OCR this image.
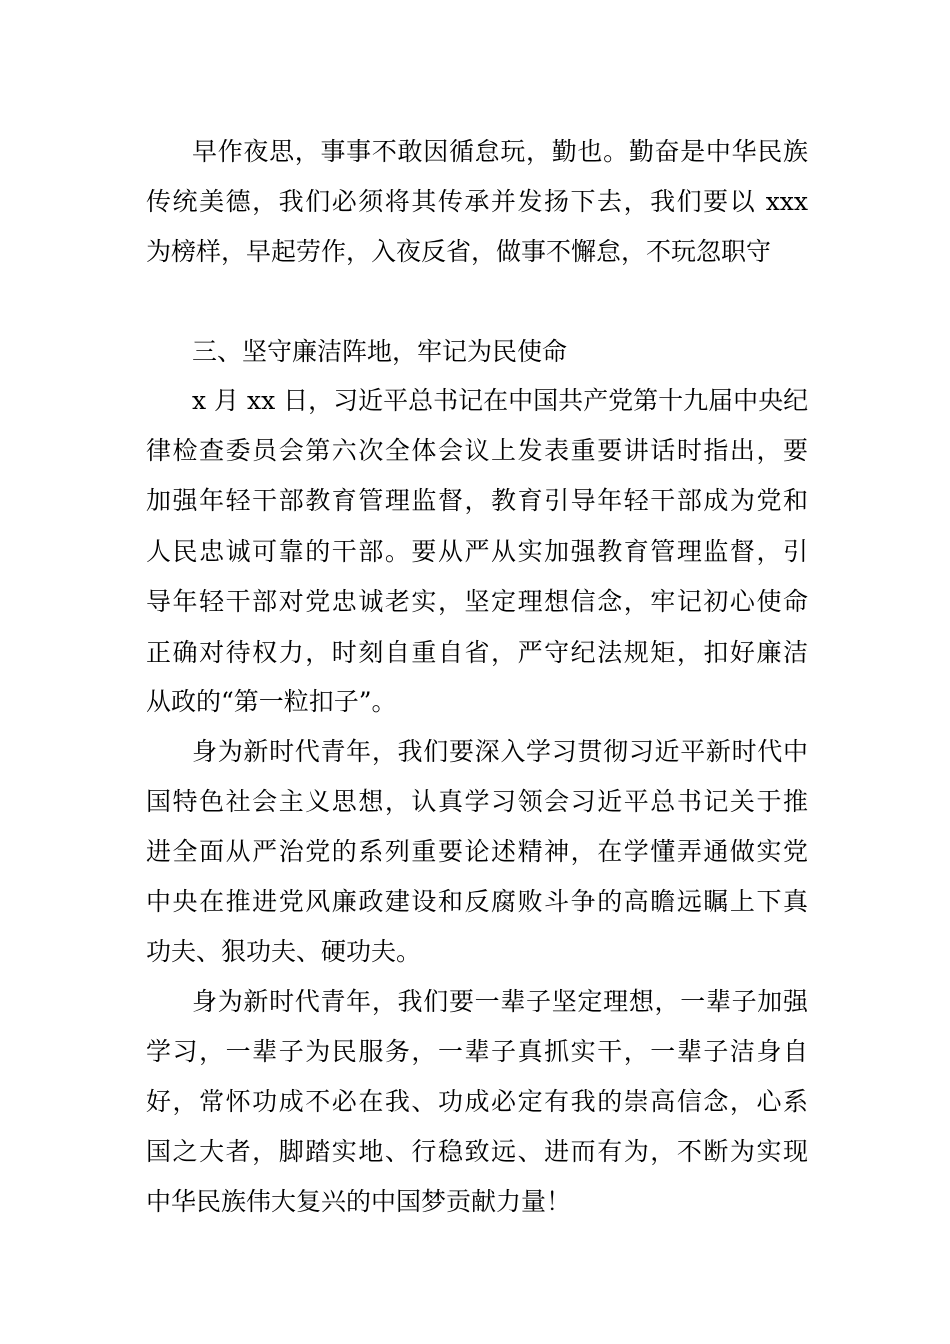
早作夜思，事事不敢因循怠玩，勤也。勤奋是中华民族
传统美德，我们必须将其传承并发扬下去，我们要以 xxx
为榜样，早起劳作，入夜反省，做事不懈怠，不玩忽职守
三、坚守廉洁阵地，牢记为民使命
x 月 xx 日，习近平总书记在中国共产党第十九届中央纪
律检查委员会第六次全体会议上发表重要讲话时指出，要
加强年轻干部教育管理监督，教育引导年轻干部成为党和
人民忠诚可靠的干部。要从严从实加强教育管理监督，引
导年轻干部对党忠诚老实，坚定理想信念，牢记初心使命
正确对待权力，时刻自重自省，严守纪法规矩，扣好廉洁
从政的“第一粒扣子”。
身为新时代青年，我们要深入学习贯彻习近平新时代中
国特色社会主义思想，认真学习领会习近平总书记关于推
进全面从严治党的系列重要论述精神，在学懂弄通做实党
中央在推进党风廉政建设和反腐败斗争的高瞻远瞩上下真
功夫、狠功夫、硬功夫。
身为新时代青年，我们要一辈子坚定理想，一辈子加强
学习，一辈子为民服务，一辈子真抓实干，一辈子洁身自
好，常怀功成不必在我、功成必定有我的崇高信念，心系
国之大者，脚踏实地、行稳致远、进而有为，不断为实现
中华民族伟大复兴的中国梦贡献力量！
